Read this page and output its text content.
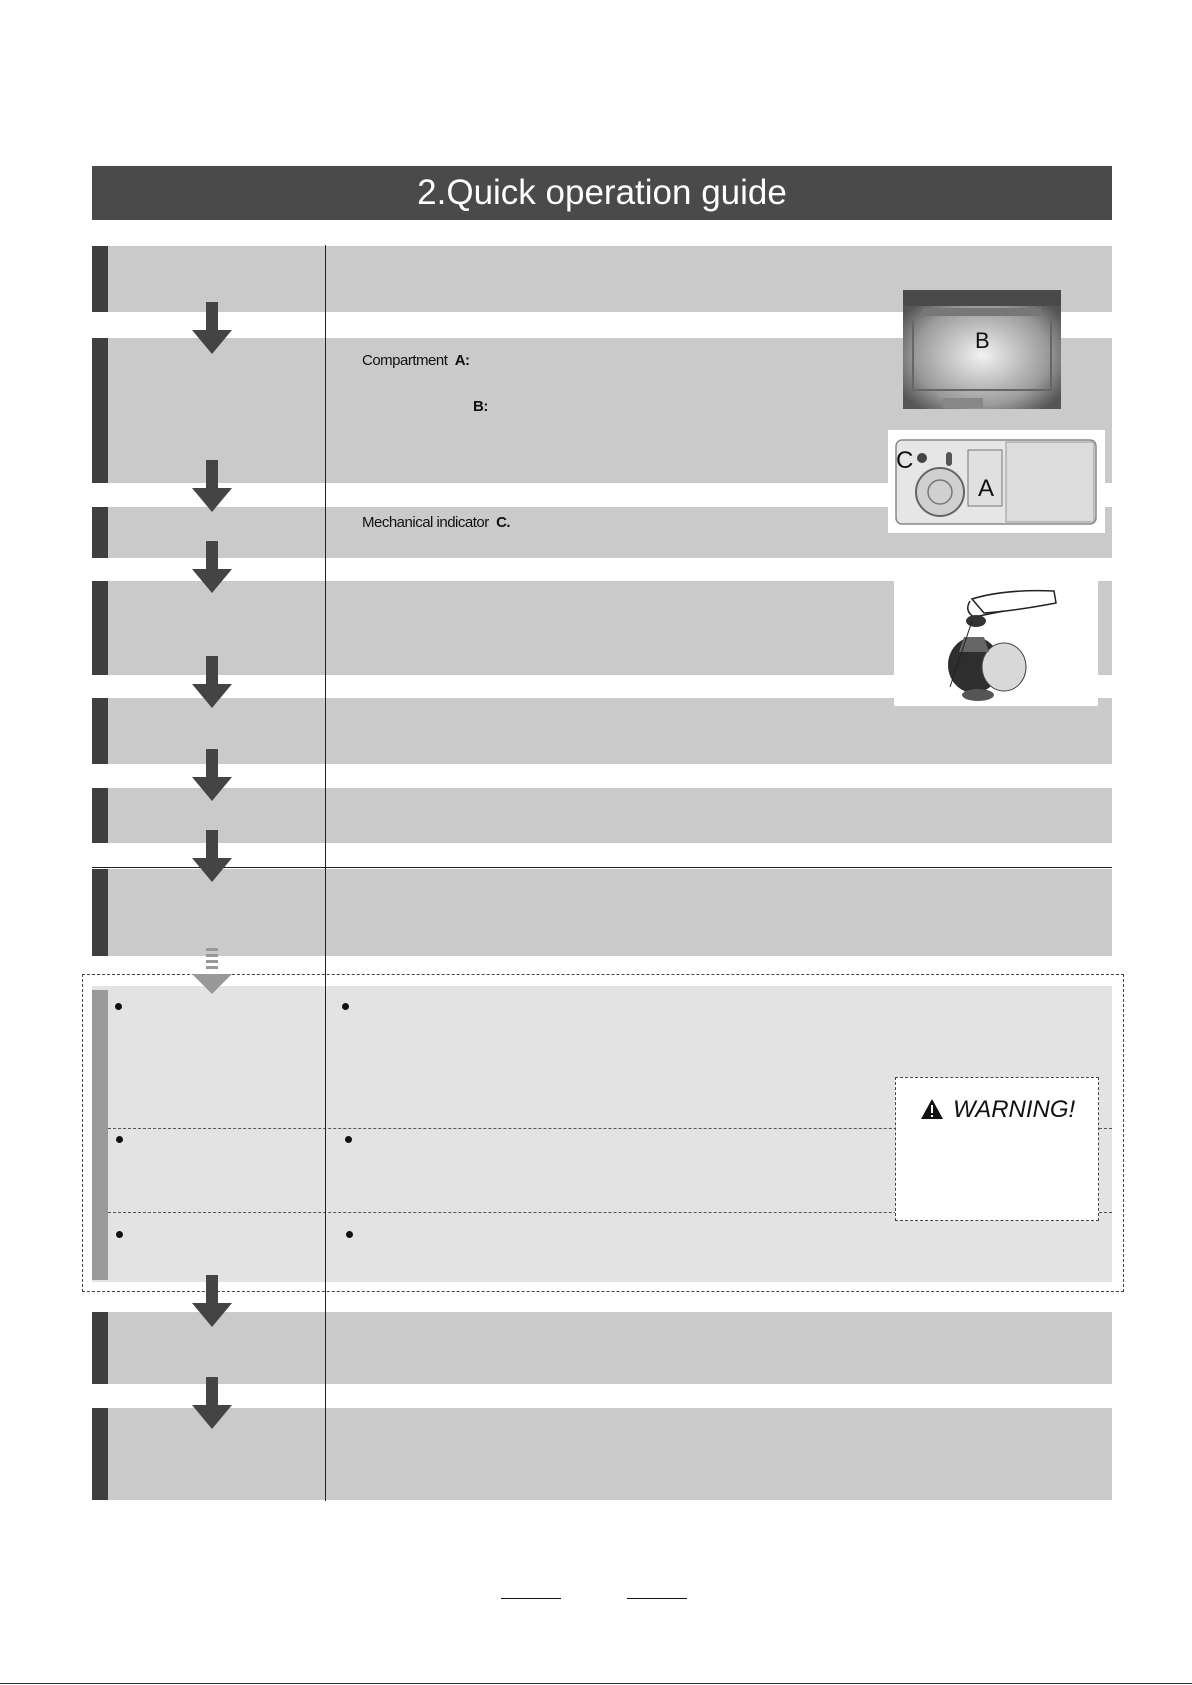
2.Quick operation guide
Compartment A:
B:
Mechanical indicator C.
B
C
A
WARNING!
